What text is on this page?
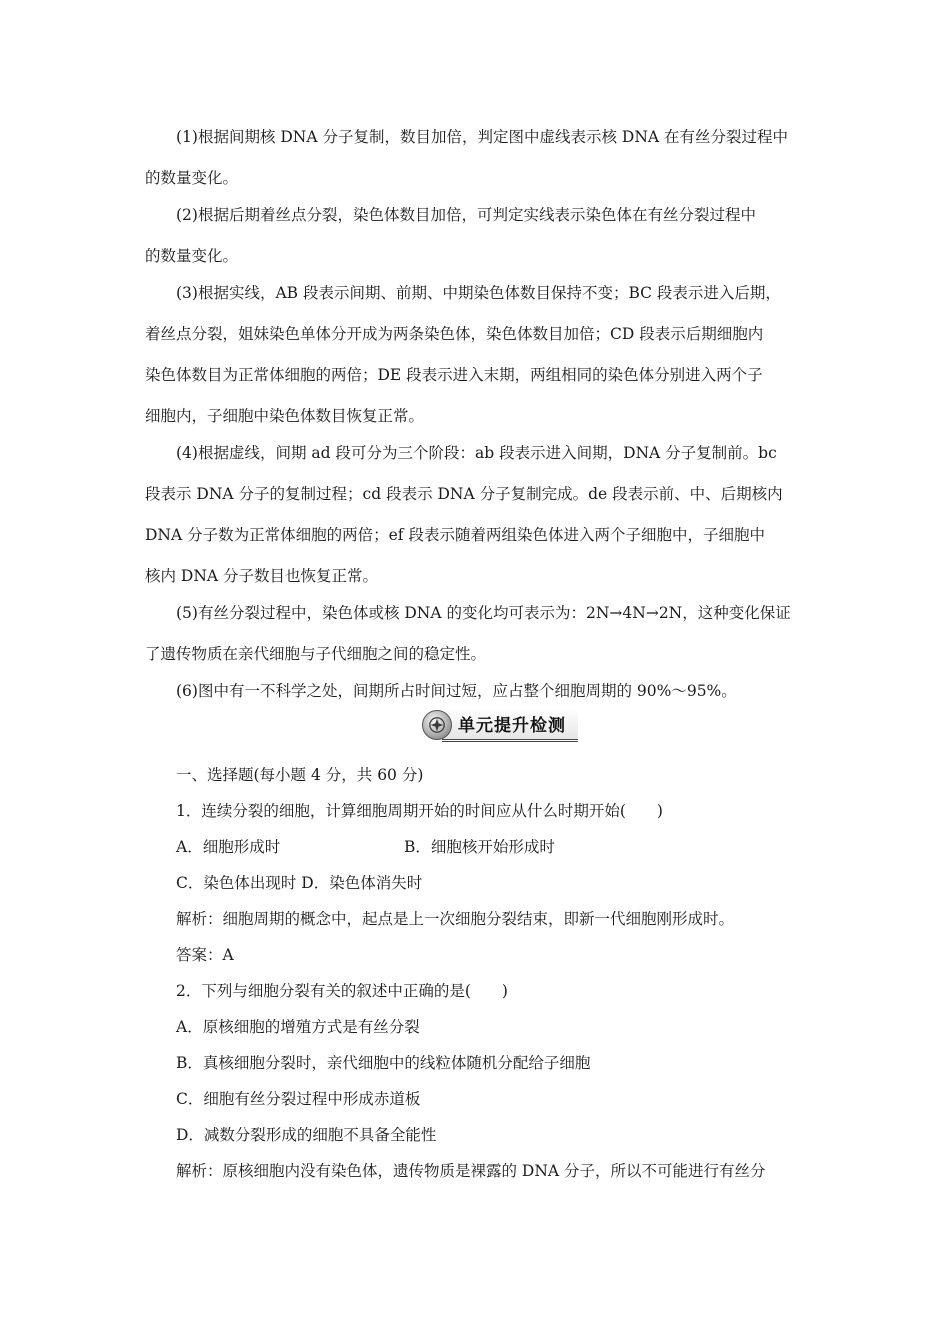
(1)根据间期核 DNA 分子复制，数目加倍，判定图中虚线表示核 DNA 在有丝分裂过程中

的数量变化。

(2)根据后期着丝点分裂，染色体数目加倍，可判定实线表示染色体在有丝分裂过程中

的数量变化。

(3)根据实线，AB 段表示间期、前期、中期染色体数目保持不变；BC 段表示进入后期，

着丝点分裂，姐妹染色单体分开成为两条染色体，染色体数目加倍；CD 段表示后期细胞内

染色体数目为正常体细胞的两倍；DE 段表示进入末期，两组相同的染色体分别进入两个子

细胞内，子细胞中染色体数目恢复正常。

(4)根据虚线，间期 ad 段可分为三个阶段：ab 段表示进入间期，DNA 分子复制前。bc

段表示 DNA 分子的复制过程；cd 段表示 DNA 分子复制完成。de 段表示前、中、后期核内

DNA 分子数为正常体细胞的两倍；ef 段表示随着两组染色体进入两个子细胞中，子细胞中

核内 DNA 分子数目也恢复正常。

(5)有丝分裂过程中，染色体或核 DNA 的变化均可表示为：2N→4N→2N，这种变化保证

了遗传物质在亲代细胞与子代细胞之间的稳定性。

(6)图中有一不科学之处，间期所占时间过短，应占整个细胞周期的 90%～95%。

单元提升检测

一、选择题(每小题 4 分，共 60 分)

1．连续分裂的细胞，计算细胞周期开始的时间应从什么时期开始(　　)

A．细胞形成时	B．细胞核开始形成时

C．染色体出现时 D．染色体消失时

解析：细胞周期的概念中，起点是上一次细胞分裂结束，即新一代细胞刚形成时。

答案：A

2．下列与细胞分裂有关的叙述中正确的是(　　)

A．原核细胞的增殖方式是有丝分裂

B．真核细胞分裂时，亲代细胞中的线粒体随机分配给子细胞

C．细胞有丝分裂过程中形成赤道板

D．减数分裂形成的细胞不具备全能性

解析：原核细胞内没有染色体，遗传物质是裸露的 DNA 分子，所以不可能进行有丝分
